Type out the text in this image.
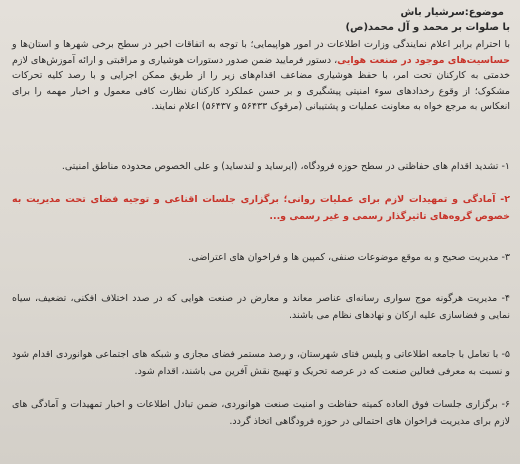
موضوع:سرشیار باش
با صلوات بر محمد و آل محمد(ص)

با احترام برابر اعلام نمایندگی وزارت اطلاعات در امور هواپیمایی؛ با توجه به اتفاقات اخیر در سطح برخی شهرها و استان‌ها و حساسیت‌های موجود در صنعت هوایی، دستور فرمایید ضمن صدور دستورات هوشیاری و مراقبتی و ارائه آموزش‌های لازم خدمتی به کارکنان تحت امر، با حفظ هوشیاری مضاعف اقدام‌های زیر را از طریق ممکن اجرایی و با رصد کلیه تحرکات مشکوک؛ از وقوع رخدادهای سوء امنیتی پیشگیری و بر حسن عملکرد کارکنان نظارت کافی معمول و اخبار مهمه را برای انعکاس به مرجع خواه به معاونت عملیات و پشتیبانی (مرقوک ۵۶۴۳۳ و ۵۶۴۳۷) اعلام نمایند.

۱- تشدید اقدام های حفاظتی در سطح حوزه فرودگاه، (ایرساید و لندساید) و علی الخصوص محدوده مناطق امنیتی.

۲- آمادگی و تمهیدات لازم برای عملیات روانی؛ برگزاری جلسات اقناعی و توجیه فضای تحت مدیریت به خصوص گروه‌های تاثیرگذار رسمی و غیر رسمی و...

۳- مدیریت صحیح و به موقع موضوعات صنفی، کمپین ها و فراخوان های اعتراضی.

۴- مدیریت هرگونه موج سواری رسانه‌ای عناصر معاند و معارض در صنعت هوایی که در صدد اختلاف افکنی، تضعیف، سیاه نمایی و فضاسازی علیه ارکان و نهادهای نظام می باشند.

۵- با تعامل با جامعه اطلاعاتی و پلیس فتای شهرستان، و رصد مستمر فضای مجازی و شبکه های اجتماعی هوانوردی اقدام شود و نسبت به معرفی فعالین صنعت که در عرصه تحریک و تهییج نقش آفرین می باشند، اقدام شود.

۶- برگزاری جلسات فوق العاده کمیته حفاظت و امنیت صنعت هوانوردی، ضمن تبادل اطلاعات و اخبار تمهیدات و آمادگی های لازم برای مدیریت فراخوان های احتمالی در حوزه فرودگاهی اتخاذ گردد.
